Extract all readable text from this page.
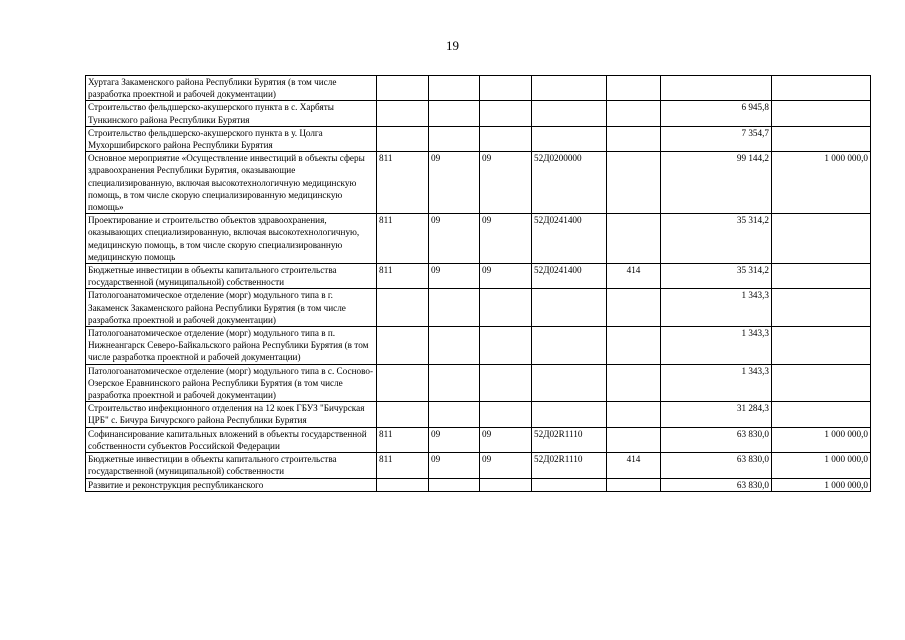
19
Хуртага Закаменского района Республики Бурятия (в том числе разработка проектной и рабочей документации)							
Строительство фельдшерско-акушерского пункта в с. Харбяты Тункинского района Республики Бурятия						6 945,8	
Строительство фельдшерско-акушерского пункта в у. Цолга Мухоршибирского района Республики Бурятия						7 354,7	
Основное мероприятие «Осуществление инвестиций в объекты сферы здравоохранения Республики Бурятия, оказывающие специализированную, включая высокотехнологичную медицинскую помощь, в том числе скорую специализированную медицинскую помощь»	811	09	09	52Д0200000		99 144,2	1 000 000,0
Проектирование и строительство объектов здравоохранения, оказывающих специализированную, включая высокотехнологичную, медицинскую помощь, в том числе скорую специализированную медицинскую помощь	811	09	09	52Д0241400		35 314,2	
Бюджетные инвестиции в объекты капитального строительства государственной (муниципальной) собственности	811	09	09	52Д0241400	414	35 314,2	
Патологоанатомическое отделение (морг) модульного типа в г. Закаменск Закаменского района Республики Бурятия (в том числе разработка проектной и рабочей документации)						1 343,3	
Патологоанатомическое отделение (морг) модульного типа в п. Нижнеангарск Северо-Байкальского района Республики Бурятия (в том числе разработка проектной и рабочей документации)						1 343,3	
Патологоанатомическое отделение (морг) модульного типа в с. Сосново-Озерское Еравнинского района Республики Бурятия (в том числе разработка проектной и рабочей документации)						1 343,3	
Строительство инфекционного отделения на 12 коек ГБУЗ "Бичурская ЦРБ" с. Бичура Бичурского района Республики Бурятия						31 284,3	
Софинансирование капитальных вложений в объекты государственной собственности субъектов Российской Федерации	811	09	09	52Д02R1110		63 830,0	1 000 000,0
Бюджетные инвестиции в объекты капитального строительства государственной (муниципальной) собственности	811	09	09	52Д02R1110	414	63 830,0	1 000 000,0
Развитие и реконструкция республиканского						63 830,0	1 000 000,0
